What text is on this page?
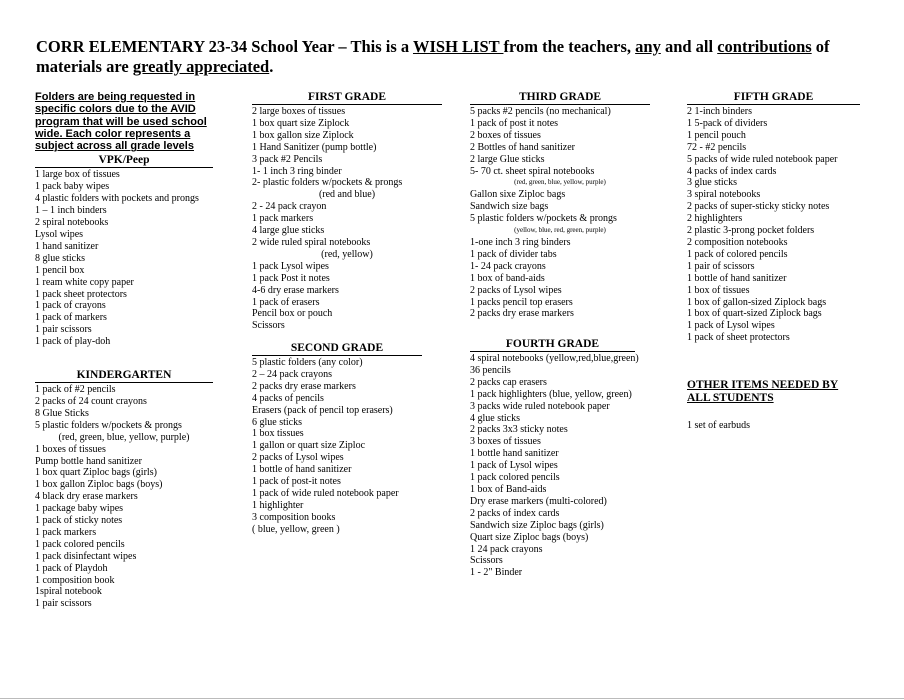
CORR ELEMENTARY 23-34 School Year – This is a WISH LIST from the teachers, any and all contributions of materials are greatly appreciated.
Folders are being requested in specific colors due to the AVID program that will be used school wide. Each color represents a subject across all grade levels
VPK/Peep
1 large box of tissues
1 pack baby wipes
4 plastic folders with pockets and prongs
1 – 1 inch binders
2 spiral notebooks
Lysol wipes
1 hand sanitizer
8 glue sticks
1 pencil box
1 ream white copy paper
1 pack sheet protectors
1 pack of crayons
1 pack of markers
1 pair scissors
1 pack of play-doh
KINDERGARTEN
1 pack of #2 pencils
2 packs of 24 count crayons
8 Glue Sticks
5 plastic folders w/pockets & prongs
(red, green, blue, yellow, purple)
1 boxes of tissues
Pump bottle hand sanitizer
1 box quart Ziploc bags (girls)
1 box gallon Ziploc bags (boys)
4 black dry erase markers
1 package baby wipes
1 pack of sticky notes
1 pack markers
1 pack colored pencils
1 pack disinfectant wipes
1 pack of Playdoh
1 composition book
1spiral notebook
1 pair scissors
FIRST GRADE
2 large boxes of tissues
1 box quart size Ziplock
1 box gallon size Ziplock
1 Hand Sanitizer (pump bottle)
3 pack #2 Pencils
1- 1 inch 3 ring binder
2- plastic folders w/pockets & prongs
(red and blue)
2 - 24 pack crayon
1 pack markers
4 large glue sticks
2 wide ruled spiral notebooks
(red, yellow)
1 pack Lysol wipes
1 pack Post it notes
4-6 dry erase markers
1 pack of erasers
Pencil box or pouch
Scissors
SECOND GRADE
5 plastic folders (any color)
2 – 24 pack crayons
2 packs dry erase markers
4 packs of pencils
Erasers (pack of pencil top erasers)
6 glue sticks
1 box tissues
1 gallon or quart size Ziploc
2 packs of Lysol wipes
1 bottle of hand sanitizer
1 pack of post-it notes
1 pack of wide ruled notebook paper
1 highlighter
3 composition books
( blue, yellow, green )
THIRD GRADE
5 packs #2 pencils (no mechanical)
1 pack of post it notes
2 boxes of tissues
2 Bottles of hand sanitizer
2 large Glue sticks
5- 70 ct. sheet spiral notebooks
(red, green, blue, yellow, purple)
Gallon sixe Ziploc bags
Sandwich size bags
5 plastic folders w/pockets & prongs
(yellow, blue, red, green, purple)
1-one inch 3 ring binders
1 pack of divider tabs
1- 24 pack crayons
1 box of band-aids
2 packs of Lysol wipes
1 packs pencil top erasers
2 packs dry erase markers
FOURTH GRADE
4 spiral notebooks (yellow,red,blue,green)
36 pencils
2 packs cap erasers
1 pack highlighters (blue, yellow, green)
3 packs wide ruled notebook paper
4 glue sticks
2 packs 3x3 sticky notes
3 boxes of tissues
1 bottle hand sanitizer
1 pack of Lysol wipes
1 pack colored pencils
1 box of Band-aids
Dry erase markers (multi-colored)
2 packs of index cards
Sandwich size Ziploc bags (girls)
Quart size Ziploc bags (boys)
1 24 pack crayons
Scissors
1 - 2" Binder
FIFTH GRADE
2 1-inch binders
1 5-pack of dividers
1 pencil pouch
72 - #2 pencils
5 packs of wide ruled notebook paper
4 packs of index cards
3 glue sticks
3 spiral notebooks
2 packs of super-sticky sticky notes
2 highlighters
2 plastic 3-prong pocket folders
2 composition notebooks
1 pack of colored pencils
1 pair of scissors
1 bottle of hand sanitizer
1 box of tissues
1 box of gallon-sized Ziplock bags
1 box of quart-sized Ziplock bags
1 pack of Lysol wipes
1 pack of sheet protectors
OTHER ITEMS NEEDED BY ALL STUDENTS
1 set of earbuds
